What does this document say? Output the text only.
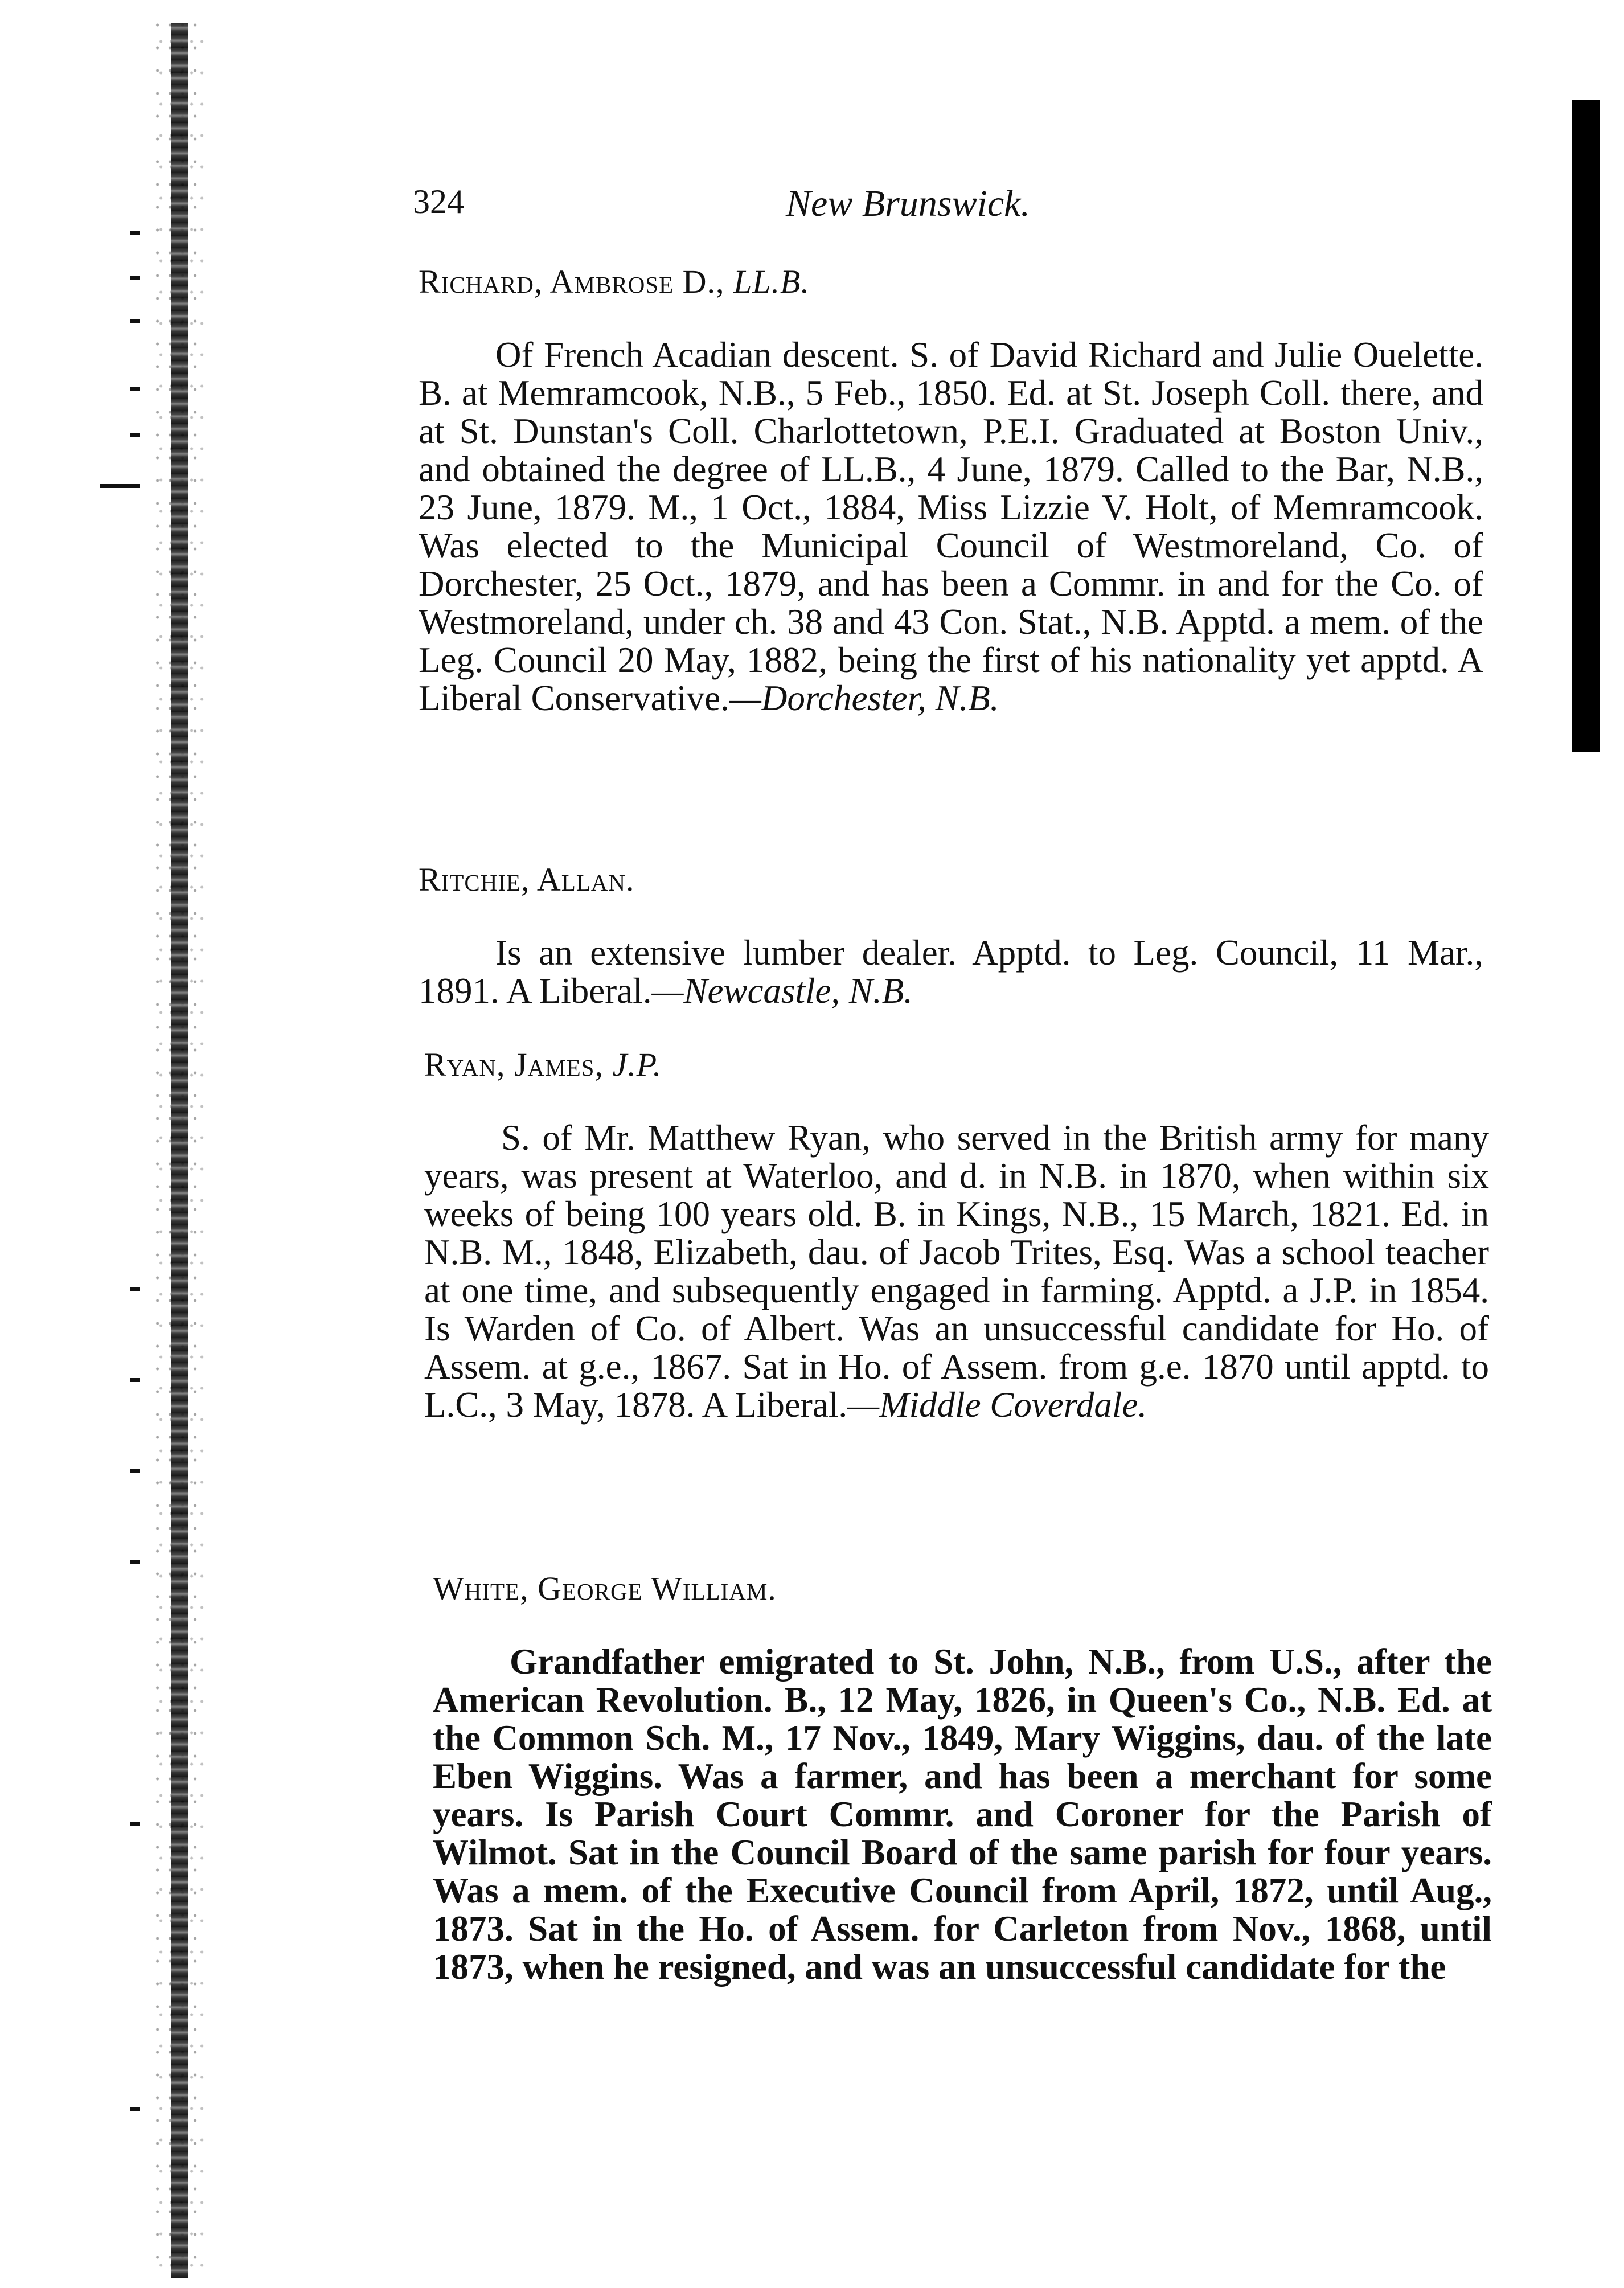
324	New Brunswick.

Richard, Ambrose D., LL.B.

Of French Acadian descent. S. of David Richard and Julie Ouelette. B. at Memramcook, N.B., 5 Feb., 1850. Ed. at St. Joseph Coll. there, and at St. Dunstan's Coll. Charlottetown, P.E.I. Graduated at Boston Univ., and obtained the degree of LL.B., 4 June, 1879. Called to the Bar, N.B., 23 June, 1879. M., 1 Oct., 1884, Miss Lizzie V. Holt, of Memramcook. Was elected to the Municipal Council of Westmoreland, Co. of Dorchester, 25 Oct., 1879, and has been a Commr. in and for the Co. of Westmoreland, under ch. 38 and 43 Con. Stat., N.B. Apptd. a mem. of the Leg. Council 20 May, 1882, being the first of his nationality yet apptd. A Liberal Conservative.—Dorchester, N.B.

Ritchie, Allan.

Is an extensive lumber dealer. Apptd. to Leg. Council, 11 Mar., 1891. A Liberal.—Newcastle, N.B.

Ryan, James, J.P.

S. of Mr. Matthew Ryan, who served in the British army for many years, was present at Waterloo, and d. in N.B. in 1870, when within six weeks of being 100 years old. B. in Kings, N.B., 15 March, 1821. Ed. in N.B. M., 1848, Elizabeth, dau. of Jacob Trites, Esq. Was a school teacher at one time, and subsequently engaged in farming. Apptd. a J.P. in 1854. Is Warden of Co. of Albert. Was an unsuccessful candidate for Ho. of Assem. at g.e., 1867. Sat in Ho. of Assem. from g.e. 1870 until apptd. to L.C., 3 May, 1878. A Liberal.—Middle Coverdale.

White, George William.

Grandfather emigrated to St. John, N.B., from U.S., after the American Revolution. B., 12 May, 1826, in Queen's Co., N.B. Ed. at the Common Sch. M., 17 Nov., 1849, Mary Wiggins, dau. of the late Eben Wiggins. Was a farmer, and has been a merchant for some years. Is Parish Court Commr. and Coroner for the Parish of Wilmot. Sat in the Council Board of the same parish for four years. Was a mem. of the Executive Council from April, 1872, until Aug., 1873. Sat in the Ho. of Assem. for Carleton from Nov., 1868, until 1873, when he resigned, and was an unsuccessful candidate for the
